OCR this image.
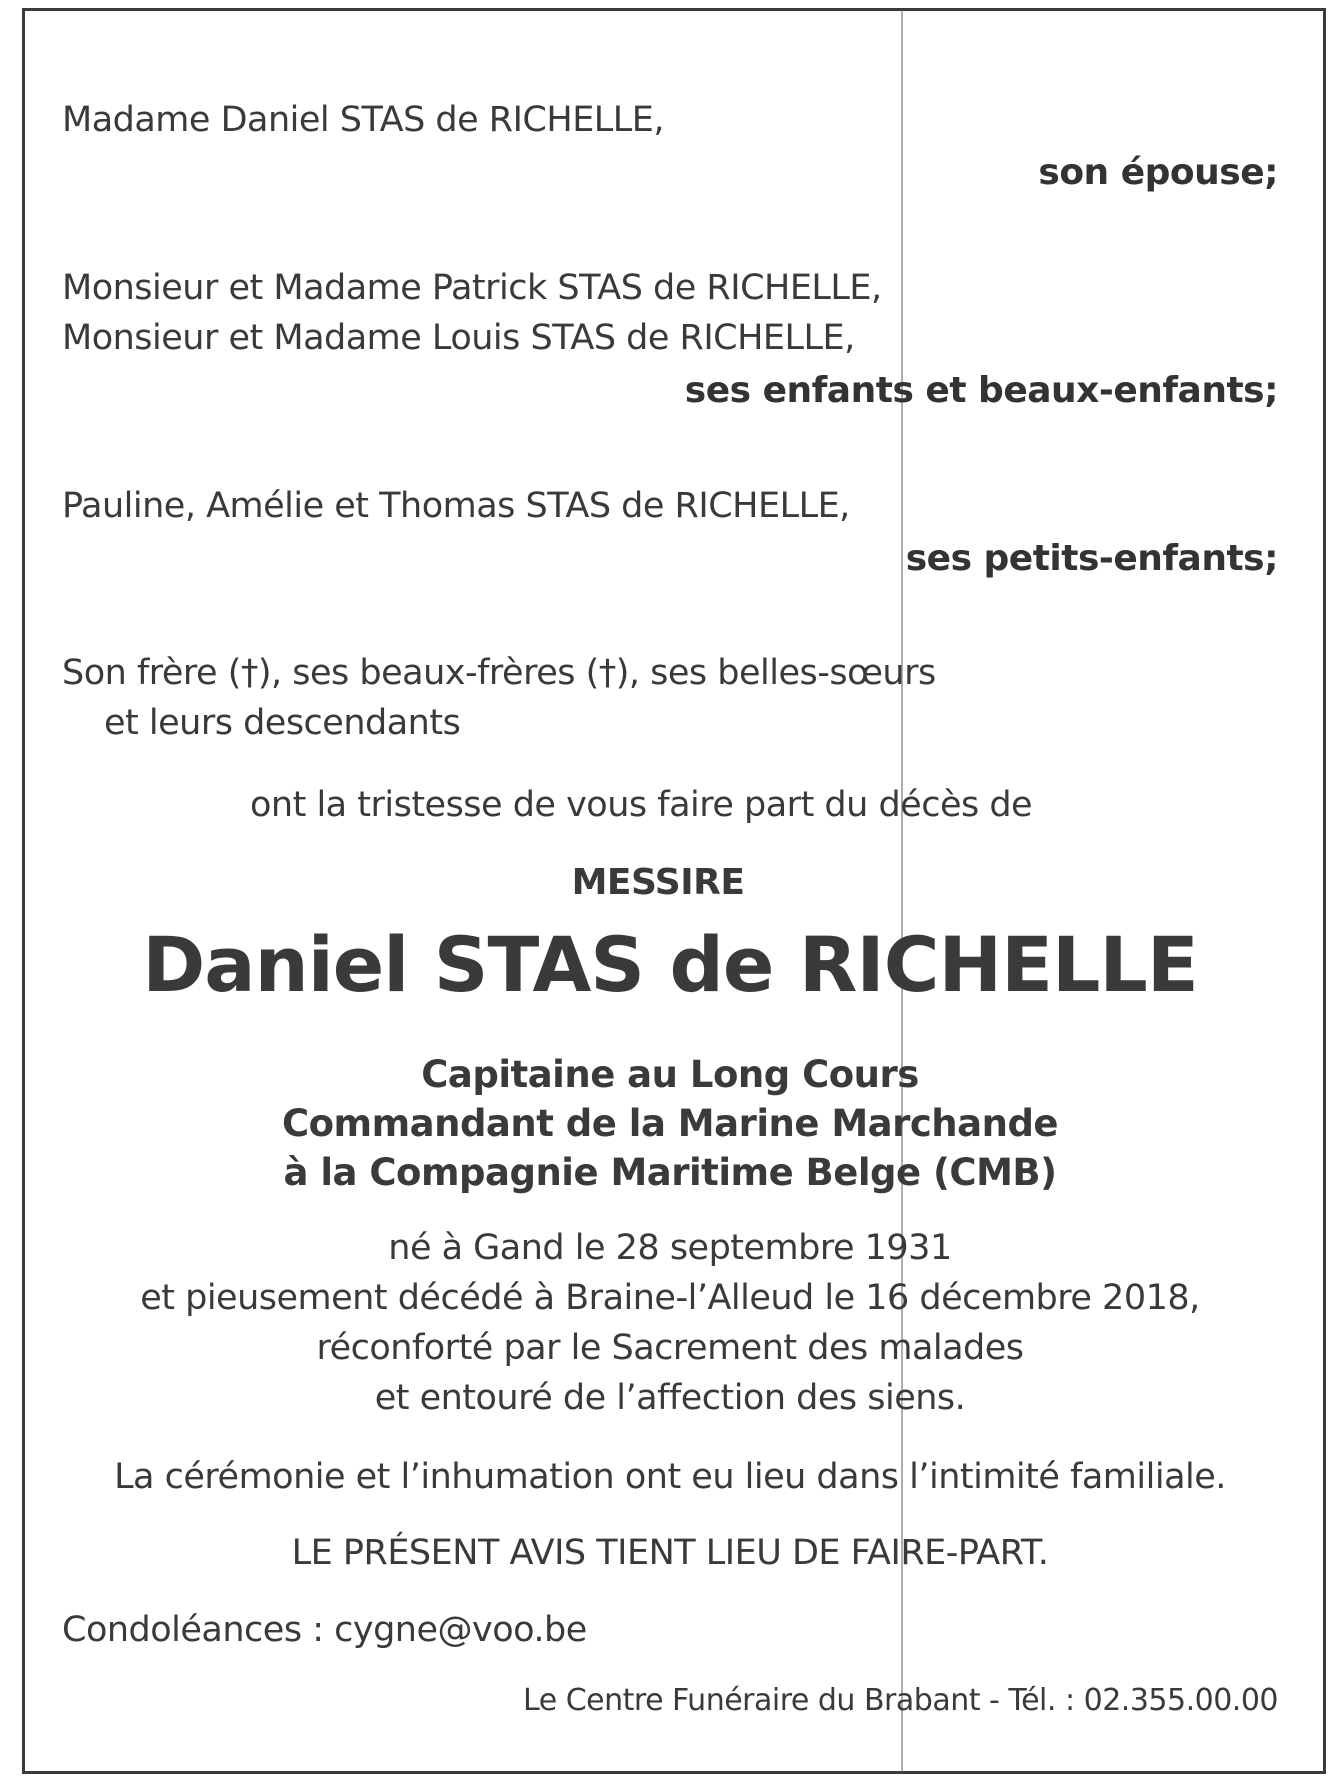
Madame Daniel STAS de RICHELLE,
son épouse;
Monsieur et Madame Patrick STAS de RICHELLE,
Monsieur et Madame Louis STAS de RICHELLE,
ses enfants et beaux-enfants;
Pauline, Amélie et Thomas STAS de RICHELLE,
ses petits-enfants;
Son frère (†), ses beaux-frères (†), ses belles-sœurs
et leurs descendants
ont la tristesse de vous faire part du décès de
MESSIRE
Daniel STAS de RICHELLE
Capitaine au Long Cours
Commandant de la Marine Marchande
à la Compagnie Maritime Belge (CMB)
né à Gand le 28 septembre 1931
et pieusement décédé à Braine-l’Alleud le 16 décembre 2018,
réconforté par le Sacrement des malades
et entouré de l’affection des siens.
La cérémonie et l’inhumation ont eu lieu dans l’intimité familiale.
LE PRÉSENT AVIS TIENT LIEU DE FAIRE-PART.
Condoléances : cygne@voo.be
Le Centre Funéraire du Brabant - Tél. : 02.355.00.00
